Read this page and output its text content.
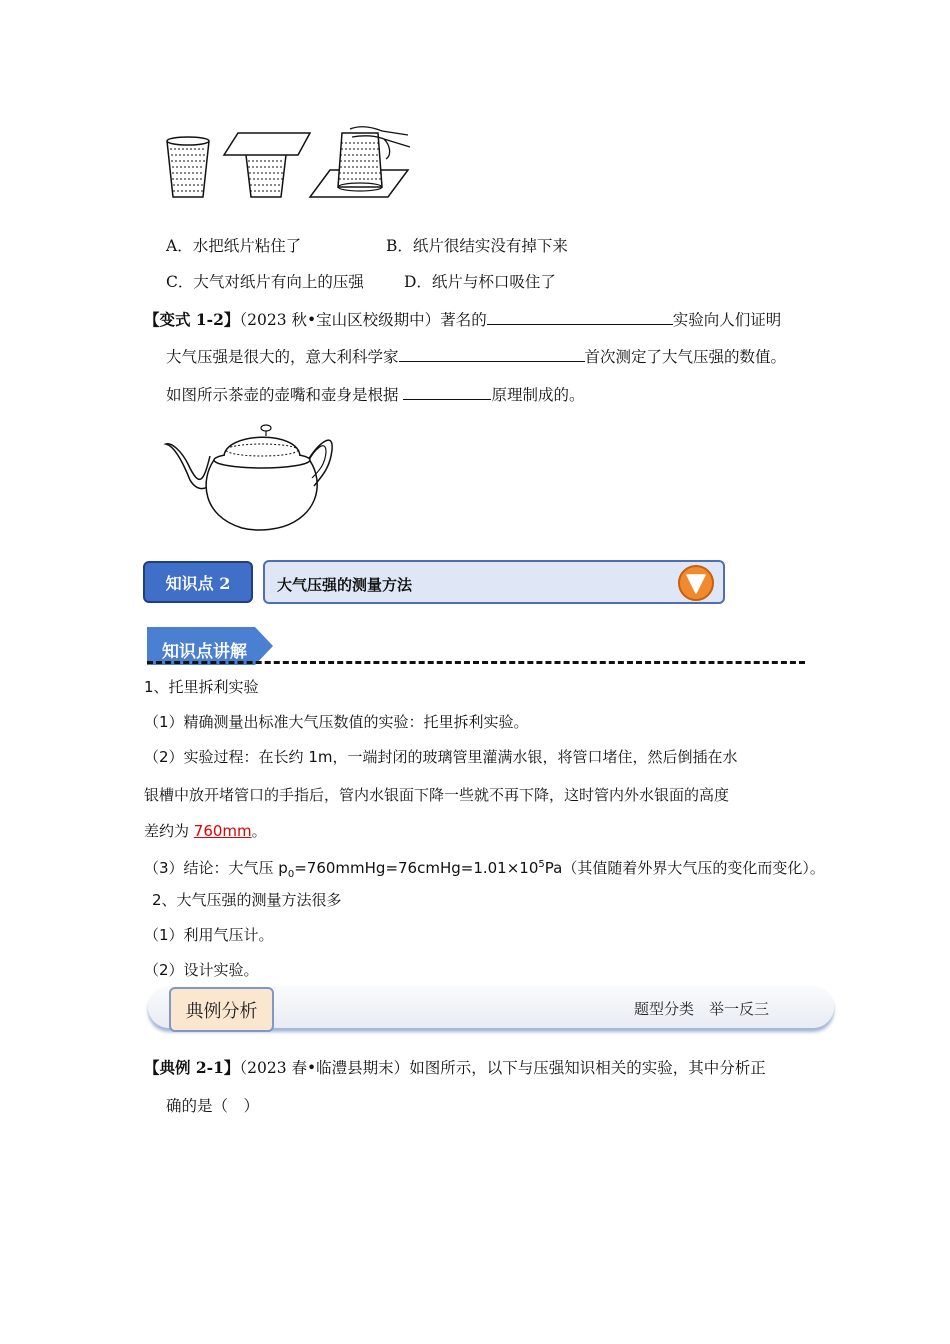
A．水把纸片粘住了	B．纸片很结实没有掉下来
C．大气对纸片有向上的压强	D．纸片与杯口吸住了
【变式 1-2】（2023 秋•宝山区校级期中）著名的	实验向人们证明
大气压强是很大的，意大利科学家	首次测定了大气压强的数值。
如图所示茶壶的壶嘴和壶身是根据	原理制成的。
知识点 2	大气压强的测量方法
知识点讲解
1、托里拆利实验
（1）精确测量出标准大气压数值的实验：托里拆利实验。
（2）实验过程：在长约 1m，一端封闭的玻璃管里灌满水银，将管口堵住，然后倒插在水
银槽中放开堵管口的手指后，管内水银面下降一些就不再下降，这时管内外水银面的高度
差约为 760mm。
（3）结论：大气压 $p_0=760mmHg=76cmHg=1.01\times 10^5Pa$（其值随着外界大气压的变化而变化）。
2、大气压强的测量方法很多
（1）利用气压计。
（2）设计实验。
典例分析	题型分类　举一反三
【典例 2-1】（2023 春•临澧县期末）如图所示，以下与压强知识相关的实验，其中分析正
确的是（　）
